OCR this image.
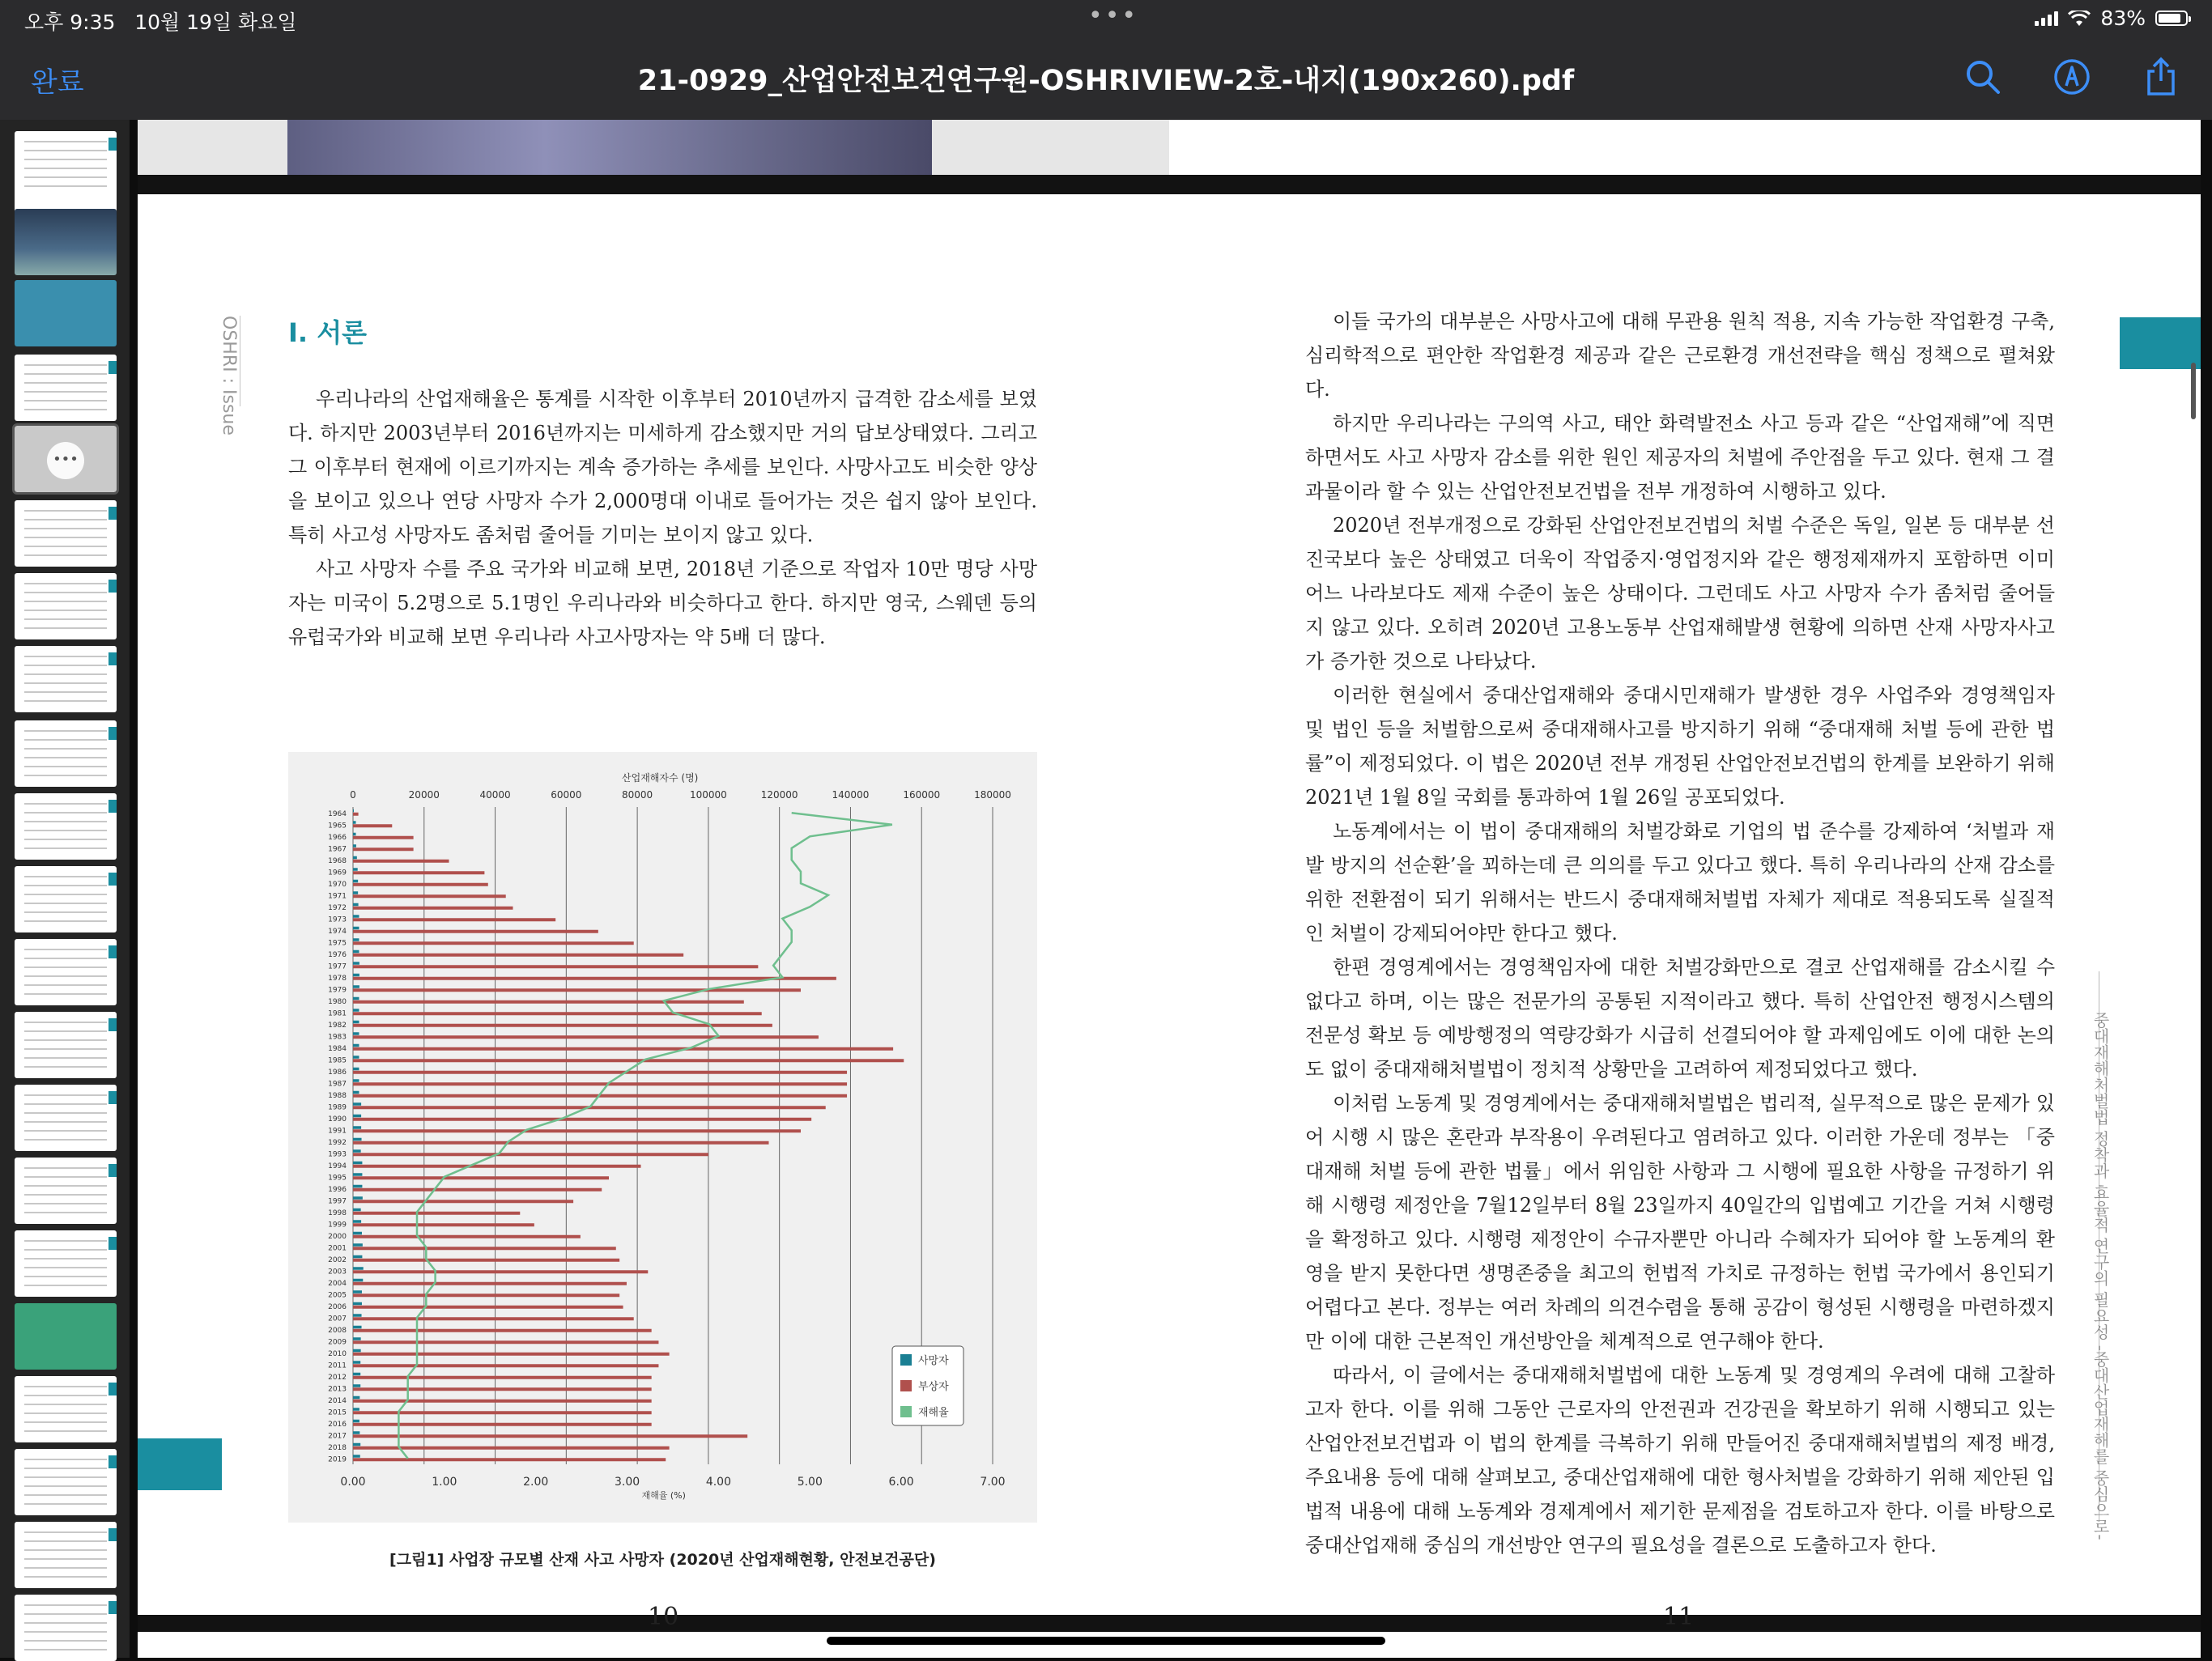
오후 9:35 10월 19일 화요일	•••	83%
완료	21-0929_산업안전보건연구원-OSHRIVIEW-2호-내지(190x260).pdf
•••
OSHRI : Issue I. 서론

우리나라의 산업재해율은 통계를 시작한 이후부터 2010년까지 급격한 감소세를 보였다. 하지만 2003년부터 2016년까지는 미세하게 감소했지만 거의 답보상태였다. 그리고 그 이후부터 현재에 이르기까지는 계속 증가하는 추세를 보인다. 사망사고도 비슷한 양상을 보이고 있으나 연당 사망자 수가 2,000명대 이내로 들어가는 것은 쉽지 않아 보인다. 특히 사고성 사망자도 좀처럼 줄어들 기미는 보이지 않고 있다.

사고 사망자 수를 주요 국가와 비교해 보면, 2018년 기준으로 작업자 10만 명당 사망자는 미국이 5.2명으로 5.1명인 우리나라와 비슷하다고 한다. 하지만 영국, 스웨덴 등의 유럽국가와 비교해 보면 우리나라 사고사망자는 약 5배 더 많다.

산업재해자수 (명)
0	20000	40000	60000	80000	100000	120000	140000	160000	180000
0.00	1.00	2.00	3.00	4.00	5.00	6.00	7.00
재해율 (%)
1964
1965
1966
1967
1968
1969
1970
1971
1972
1973
1974
1975
1976
1977
1978
1979
1980
1981
1982
1983
1984
1985
1986
1987
1988
1989
1990
1991
1992
1993
1994
1995
1996
1997
1998
1999
2000
2001
2002
2003
2004
2005
2006
2007
2008
2009
2010
2011
2012
2013
2014
2015
2016
2017
2018
2019
사망자
부상자
재해율
[그림1] 사업장 규모별 산재 사고 사망자 (2020년 산업재해현황, 안전보건공단)
10

이들 국가의 대부분은 사망사고에 대해 무관용 원칙 적용, 지속 가능한 작업환경 구축, 심리학적으로 편안한 작업환경 제공과 같은 근로환경 개선전략을 핵심 정책으로 펼쳐왔다.

하지만 우리나라는 구의역 사고, 태안 화력발전소 사고 등과 같은 “산업재해”에 직면하면서도 사고 사망자 감소를 위한 원인 제공자의 처벌에 주안점을 두고 있다. 현재 그 결과물이라 할 수 있는 산업안전보건법을 전부 개정하여 시행하고 있다.

2020년 전부개정으로 강화된 산업안전보건법의 처벌 수준은 독일, 일본 등 대부분 선진국보다 높은 상태였고 더욱이 작업중지·영업정지와 같은 행정제재까지 포함하면 이미 어느 나라보다도 제재 수준이 높은 상태이다. 그런데도 사고 사망자 수가 좀처럼 줄어들지 않고 있다. 오히려 2020년 고용노동부 산업재해발생 현황에 의하면 산재 사망자사고가 증가한 것으로 나타났다.

이러한 현실에서 중대산업재해와 중대시민재해가 발생한 경우 사업주와 경영책임자 및 법인 등을 처벌함으로써 중대재해사고를 방지하기 위해 “중대재해 처벌 등에 관한 법률”이 제정되었다. 이 법은 2020년 전부 개정된 산업안전보건법의 한계를 보완하기 위해 2021년 1월 8일 국회를 통과하여 1월 26일 공포되었다.

노동계에서는 이 법이 중대재해의 처벌강화로 기업의 법 준수를 강제하여 ‘처벌과 재발 방지의 선순환’을 꾀하는데 큰 의의를 두고 있다고 했다. 특히 우리나라의 산재 감소를 위한 전환점이 되기 위해서는 반드시 중대재해처벌법 자체가 제대로 적용되도록 실질적인 처벌이 강제되어야만 한다고 했다.

한편 경영계에서는 경영책임자에 대한 처벌강화만으로 결코 산업재해를 감소시킬 수 없다고 하며, 이는 많은 전문가의 공통된 지적이라고 했다. 특히 산업안전 행정시스템의 전문성 확보 등 예방행정의 역량강화가 시급히 선결되어야 할 과제임에도 이에 대한 논의도 없이 중대재해처벌법이 정치적 상황만을 고려하여 제정되었다고 했다.

이처럼 노동계 및 경영계에서는 중대재해처벌법은 법리적, 실무적으로 많은 문제가 있어 시행 시 많은 혼란과 부작용이 우려된다고 염려하고 있다. 이러한 가운데 정부는 「중대재해 처벌 등에 관한 법률」에서 위임한 사항과 그 시행에 필요한 사항을 규정하기 위해 시행령 제정안을 7월12일부터 8월 23일까지 40일간의 입법예고 기간을 거쳐 시행령을 확정하고 있다. 시행령 제정안이 수규자뿐만 아니라 수혜자가 되어야 할 노동계의 환영을 받지 못한다면 생명존중을 최고의 헌법적 가치로 규정하는 헌법 국가에서 용인되기 어렵다고 본다. 정부는 여러 차례의 의견수렴을 통해 공감이 형성된 시행령을 마련하겠지만 이에 대한 근본적인 개선방안을 체계적으로 연구해야 한다.

따라서, 이 글에서는 중대재해처벌법에 대한 노동계 및 경영계의 우려에 대해 고찰하고자 한다. 이를 위해 그동안 근로자의 안전권과 건강권을 확보하기 위해 시행되고 있는 산업안전보건법과 이 법의 한계를 극복하기 위해 만들어진 중대재해처벌법의 제정 배경, 주요내용 등에 대해 살펴보고, 중대산업재해에 대한 형사처벌을 강화하기 위해 제안된 입법적 내용에 대해 노동계와 경제계에서 제기한 문제점을 검토하고자 한다. 이를 바탕으로 중대산업재해 중심의 개선방안 연구의 필요성을 결론으로 도출하고자 한다.

중대재해처벌법 정착과 효율적 연구의 필요성 -중대산업재해를 중심으로-
11
